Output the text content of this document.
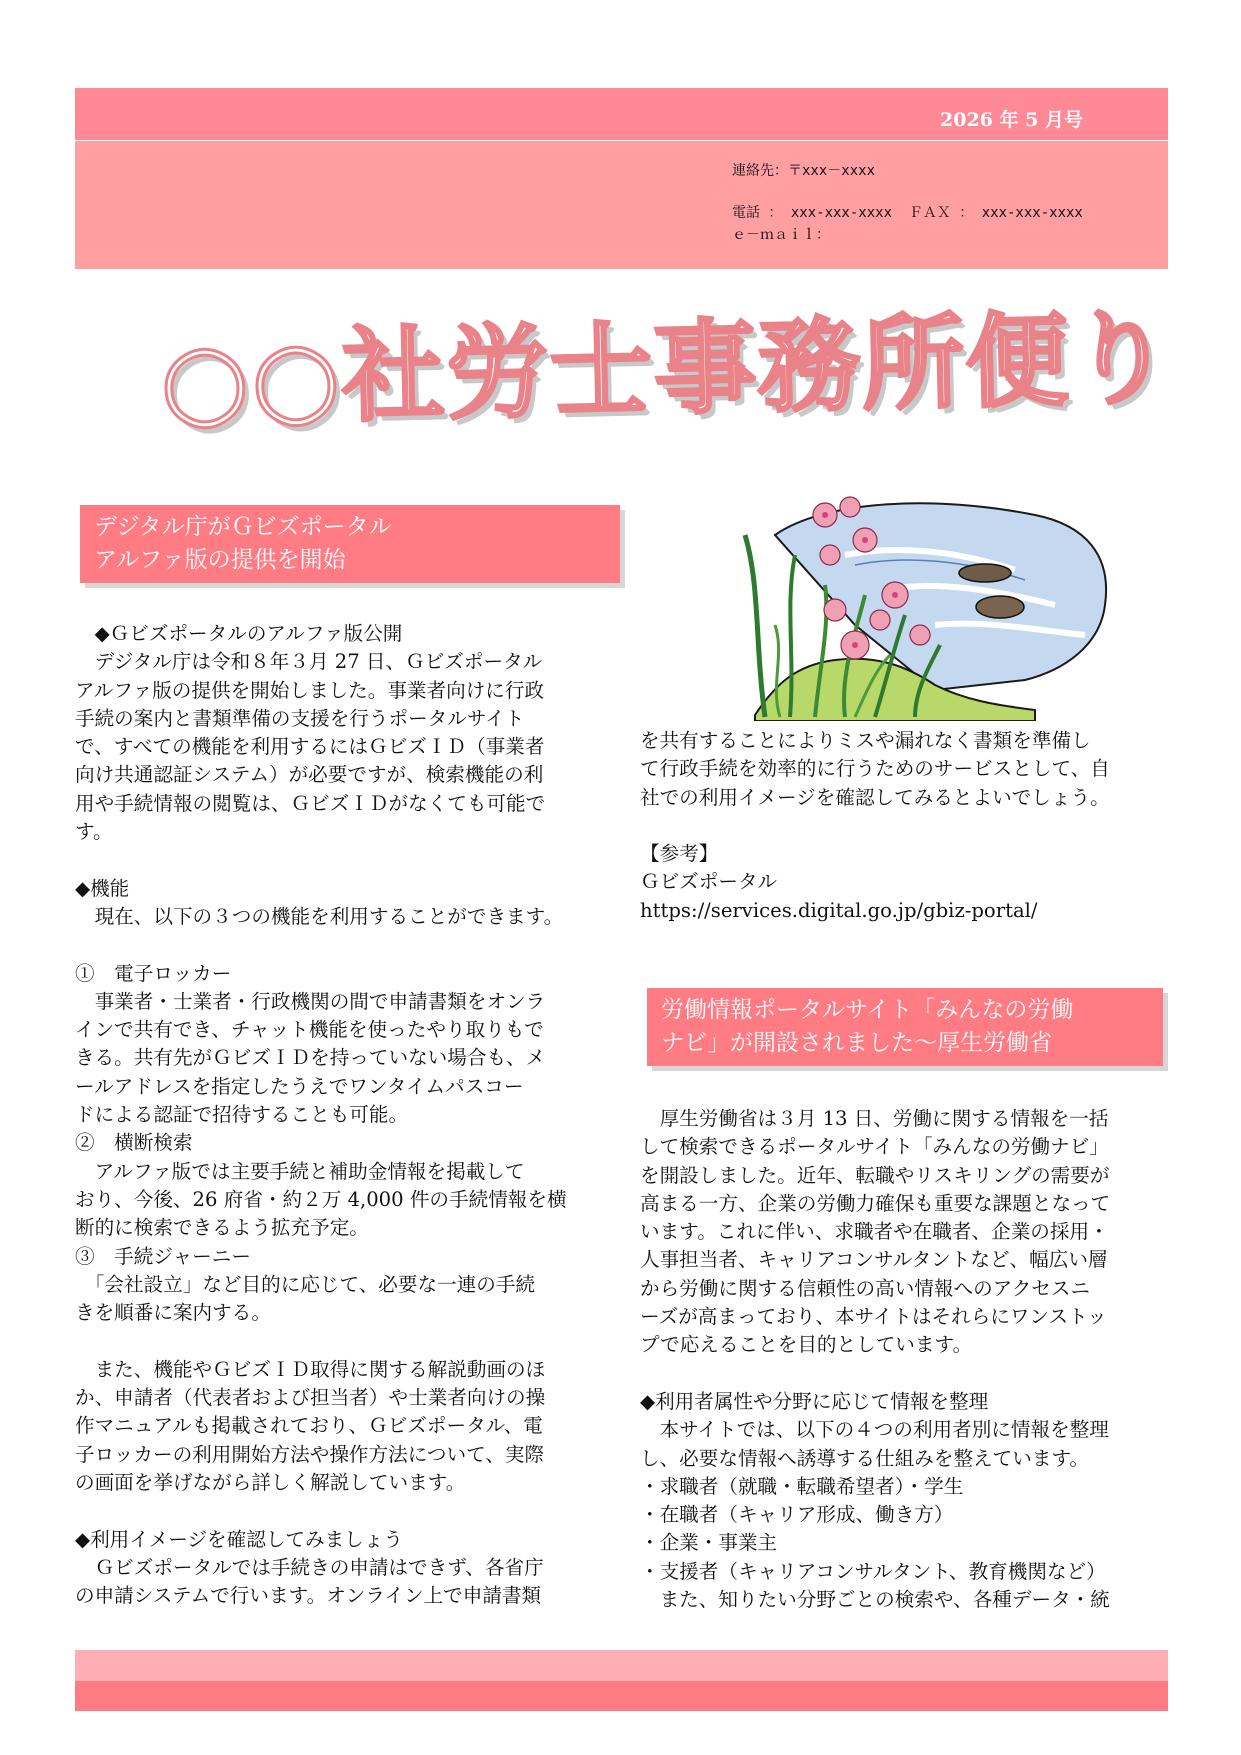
2026 年 5 月号
連絡先：〒xxx－xxxx
電話 ： xxx-xxx-xxxx  ＦＡＸ ： xxx-xxx-xxxx
ｅ－ｍａｉｌ：
○○社労士事務所便り
デジタル庁がＧビズポータル
アルファ版の提供を開始
　◆Ｇビズポータルのアルファ版公開
　デジタル庁は令和８年３月 27 日、Ｇビズポータル
アルファ版の提供を開始しました。事業者向けに行政
手続の案内と書類準備の支援を行うポータルサイト
で、すべての機能を利用するにはＧビズＩＤ（事業者
向け共通認証システム）が必要ですが、検索機能の利
用や手続情報の閲覧は、ＧビズＩＤがなくても可能で
す。

◆機能
　現在、以下の３つの機能を利用することができます。

①　電子ロッカー
　事業者・士業者・行政機関の間で申請書類をオンラ
インで共有でき、チャット機能を使ったやり取りもで
きる。共有先がＧビズＩＤを持っていない場合も、メ
ールアドレスを指定したうえでワンタイムパスコー
ドによる認証で招待することも可能。
②　横断検索
　アルファ版では主要手続と補助金情報を掲載して
おり、今後、26 府省・約２万 4,000 件の手続情報を横
断的に検索できるよう拡充予定。
③　手続ジャーニー
　「会社設立」など目的に応じて、必要な一連の手続
きを順番に案内する。

　また、機能やＧビズＩＤ取得に関する解説動画のほ
か、申請者（代表者および担当者）や士業者向けの操
作マニュアルも掲載されており、Ｇビズポータル、電
子ロッカーの利用開始方法や操作方法について、実際
の画面を挙げながら詳しく解説しています。

◆利用イメージを確認してみましょう
　Ｇビズポータルでは手続きの申請はできず、各省庁
の申請システムで行います。オンライン上で申請書類
を共有することによりミスや漏れなく書類を準備し
て行政手続を効率的に行うためのサービスとして、自
社での利用イメージを確認してみるとよいでしょう。

【参考】
Ｇビズポータル
https://services.digital.go.jp/gbiz-portal/
労働情報ポータルサイト「みんなの労働
ナビ」が開設されました～厚生労働省
　厚生労働省は３月 13 日、労働に関する情報を一括
して検索できるポータルサイト「みんなの労働ナビ」
を開設しました。近年、転職やリスキリングの需要が
高まる一方、企業の労働力確保も重要な課題となって
います。これに伴い、求職者や在職者、企業の採用・
人事担当者、キャリアコンサルタントなど、幅広い層
から労働に関する信頼性の高い情報へのアクセスニ
ーズが高まっており、本サイトはそれらにワンストッ
プで応えることを目的としています。

◆利用者属性や分野に応じて情報を整理
　本サイトでは、以下の４つの利用者別に情報を整理
し、必要な情報へ誘導する仕組みを整えています。
・求職者（就職・転職希望者）・学生
・在職者（キャリア形成、働き方）
・企業・事業主
・支援者（キャリアコンサルタント、教育機関など）
　また、知りたい分野ごとの検索や、各種データ・統
